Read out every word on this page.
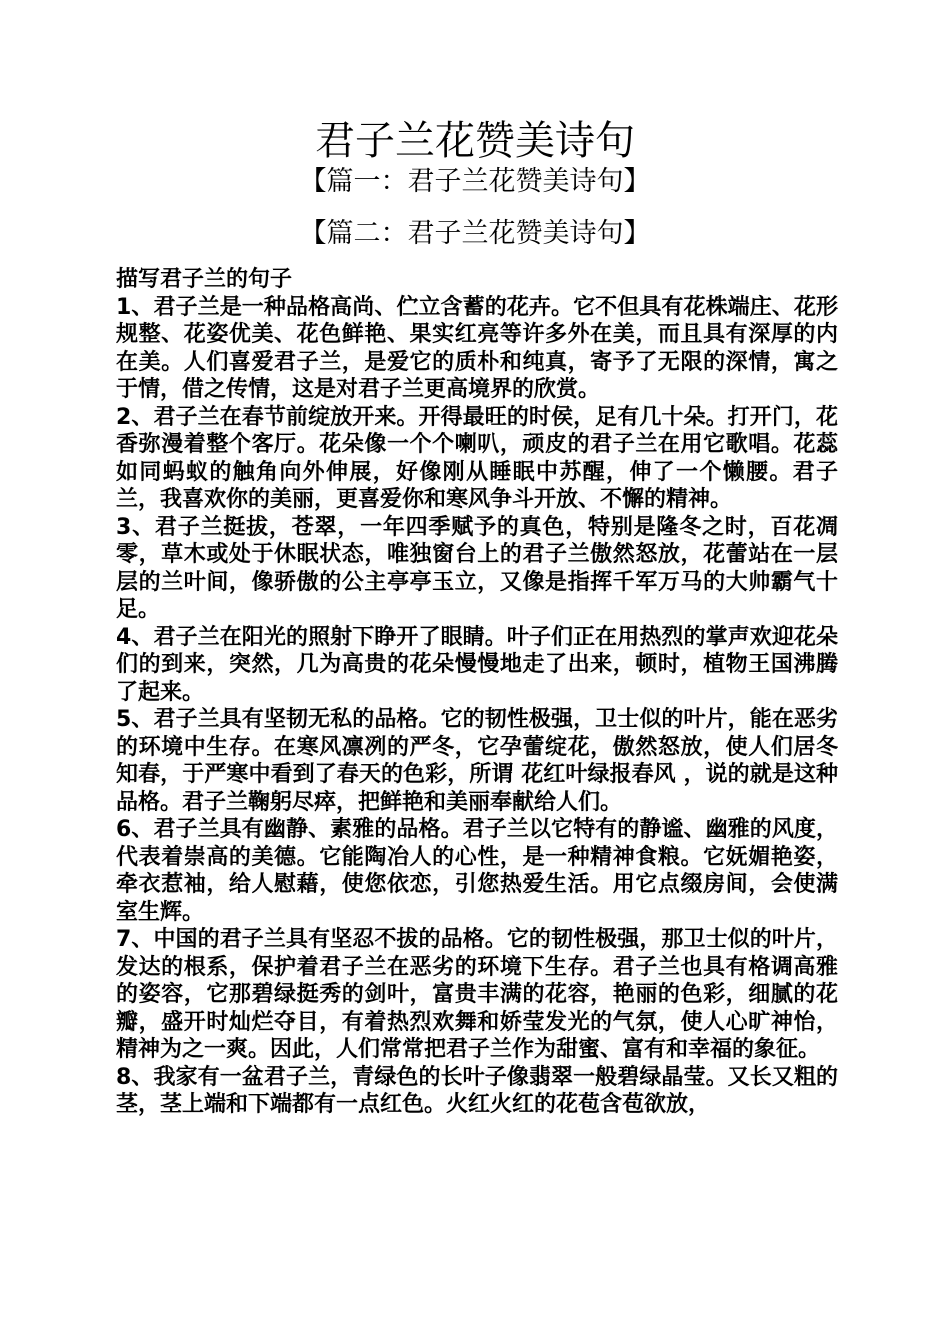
君子兰花赞美诗句
【篇一：君子兰花赞美诗句】
【篇二：君子兰花赞美诗句】

描写君子兰的句子

1、君子兰是一种品格高尚、伫立含蓄的花卉。它不但具有花株端庄、花形规整、花姿优美、花色鲜艳、果实红亮等许多外在美，而且具有深厚的内在美。人们喜爱君子兰，是爱它的质朴和纯真，寄予了无限的深情，寓之于情，借之传情，这是对君子兰更高境界的欣赏。

2、君子兰在春节前绽放开来。开得最旺的时侯，足有几十朵。打开门，花香弥漫着整个客厅。花朵像一个个喇叭，顽皮的君子兰在用它歌唱。花蕊如同蚂蚁的触角向外伸展，好像刚从睡眠中苏醒，伸了一个懒腰。君子兰，我喜欢你的美丽，更喜爱你和寒风争斗开放、不懈的精神。

3、君子兰挺拔，苍翠，一年四季赋予的真色，特别是隆冬之时，百花凋零，草木或处于休眠状态，唯独窗台上的君子兰傲然怒放，花蕾站在一层层的兰叶间，像骄傲的公主亭亭玉立，又像是指挥千军万马的大帅霸气十足。

4、君子兰在阳光的照射下睁开了眼睛。叶子们正在用热烈的掌声欢迎花朵们的到来，突然，几为高贵的花朵慢慢地走了出来，顿时，植物王国沸腾了起来。

5、君子兰具有坚韧无私的品格。它的韧性极强，卫士似的叶片，能在恶劣的环境中生存。在寒风凛冽的严冬，它孕蕾绽花，傲然怒放，使人们居冬知春，于严寒中看到了春天的色彩，所谓 花红叶绿报春风 ，说的就是这种品格。君子兰鞠躬尽瘁，把鲜艳和美丽奉献给人们。

6、君子兰具有幽静、素雅的品格。君子兰以它特有的静谧、幽雅的风度，代表着崇高的美德。它能陶冶人的心性，是一种精神食粮。它妩媚艳姿，牵衣惹袖，给人慰藉，使您依恋，引您热爱生活。用它点缀房间，会使满室生辉。

7、中国的君子兰具有坚忍不拔的品格。它的韧性极强，那卫士似的叶片，发达的根系，保护着君子兰在恶劣的环境下生存。君子兰也具有格调高雅的姿容，它那碧绿挺秀的剑叶，富贵丰满的花容，艳丽的色彩，细腻的花瓣，盛开时灿烂夺目，有着热烈欢舞和娇莹发光的气氛，使人心旷神怡，精神为之一爽。因此，人们常常把君子兰作为甜蜜、富有和幸福的象征。

8、我家有一盆君子兰，青绿色的长叶子像翡翠一般碧绿晶莹。又长又粗的茎，茎上端和下端都有一点红色。火红火红的花苞含苞欲放，
